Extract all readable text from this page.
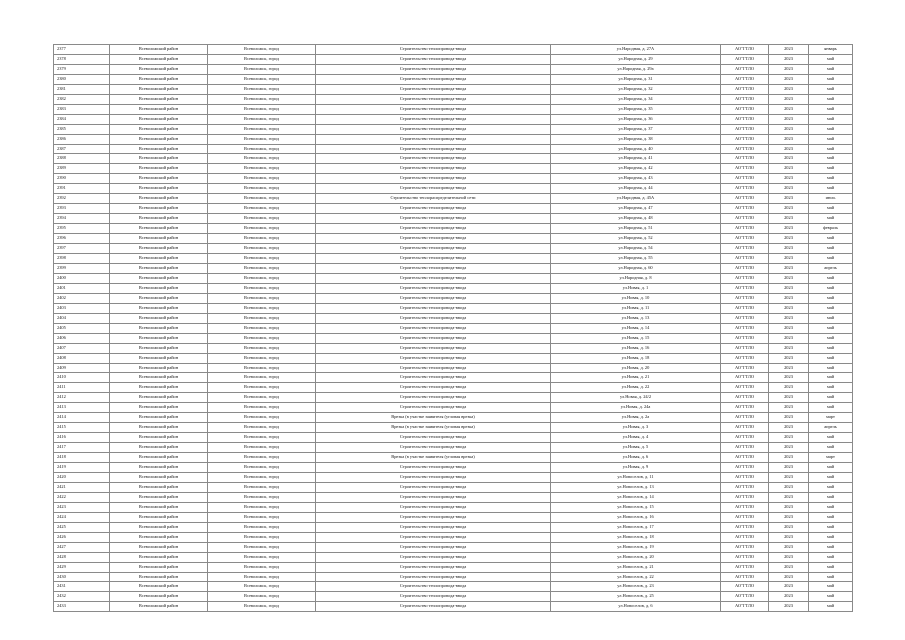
2377	Всеволожский район	Всеволожск, город	Строительство теплопровода-ввода	ул.Народная, д. 27А	АО"ГТЛО	2023	январь
2378	Всеволожский район	Всеволожск, город	Строительство теплопровода-ввода	ул.Народная, д. 29	АО"ГТЛО	2023	май
2379	Всеволожский район	Всеволожск, город	Строительство теплопровода-ввода	ул.Народная, д. 29а	АО"ГТЛО	2023	май
2380	Всеволожский район	Всеволожск, город	Строительство теплопровода-ввода	ул.Народная, д. 31	АО"ГТЛО	2023	май
2381	Всеволожский район	Всеволожск, город	Строительство теплопровода-ввода	ул.Народная, д. 32	АО"ГТЛО	2023	май
2382	Всеволожский район	Всеволожск, город	Строительство теплопровода-ввода	ул.Народная, д. 34	АО"ГТЛО	2023	май
2383	Всеволожский район	Всеволожск, город	Строительство теплопровода-ввода	ул.Народная, д. 35	АО"ГТЛО	2023	май
2384	Всеволожский район	Всеволожск, город	Строительство теплопровода-ввода	ул.Народная, д. 36	АО"ГТЛО	2023	май
2385	Всеволожский район	Всеволожск, город	Строительство теплопровода-ввода	ул.Народная, д. 37	АО"ГТЛО	2023	май
2386	Всеволожский район	Всеволожск, город	Строительство теплопровода-ввода	ул.Народная, д. 38	АО"ГТЛО	2023	май
2387	Всеволожский район	Всеволожск, город	Строительство теплопровода-ввода	ул.Народная, д. 40	АО"ГТЛО	2023	май
2388	Всеволожский район	Всеволожск, город	Строительство теплопровода-ввода	ул.Народная, д. 41	АО"ГТЛО	2023	май
2389	Всеволожский район	Всеволожск, город	Строительство теплопровода-ввода	ул.Народная, д. 42	АО"ГТЛО	2023	май
2390	Всеволожский район	Всеволожск, город	Строительство теплопровода-ввода	ул.Народная, д. 43	АО"ГТЛО	2023	май
2391	Всеволожский район	Всеволожск, город	Строительство теплопровода-ввода	ул.Народная, д. 44	АО"ГТЛО	2023	май
2392	Всеволожский район	Всеволожск, город	Строительство теплораспределительной сети	ул.Народная, д. 45А	АО"ГТЛО	2023	июль
2393	Всеволожский район	Всеволожск, город	Строительство теплопровода-ввода	ул.Народная, д. 47	АО"ГТЛО	2023	май
2394	Всеволожский район	Всеволожск, город	Строительство теплопровода-ввода	ул.Народная, д. 48	АО"ГТЛО	2023	май
2395	Всеволожский район	Всеволожск, город	Строительство теплопровода-ввода	ул.Народная, д. 51	АО"ГТЛО	2023	февраль
2396	Всеволожский район	Всеволожск, город	Строительство теплопровода-ввода	ул.Народная, д. 52	АО"ГТЛО	2023	май
2397	Всеволожский район	Всеволожск, город	Строительство теплопровода-ввода	ул.Народная, д. 54	АО"ГТЛО	2023	май
2398	Всеволожский район	Всеволожск, город	Строительство теплопровода-ввода	ул.Народная, д. 55	АО"ГТЛО	2023	май
2399	Всеволожский район	Всеволожск, город	Строительство теплопровода-ввода	ул.Народная, д. 60	АО"ГТЛО	2023	апрель
2400	Всеволожский район	Всеволожск, город	Строительство теплопровода-ввода	ул.Народная, д. 8	АО"ГТЛО	2023	май
2401	Всеволожский район	Всеволожск, город	Строительство теплопровода-ввода	ул.Новая, д. 1	АО"ГТЛО	2023	май
2402	Всеволожский район	Всеволожск, город	Строительство теплопровода-ввода	ул.Новая, д. 10	АО"ГТЛО	2023	май
2403	Всеволожский район	Всеволожск, город	Строительство теплопровода-ввода	ул.Новая, д. 11	АО"ГТЛО	2023	май
2404	Всеволожский район	Всеволожск, город	Строительство теплопровода-ввода	ул.Новая, д. 13	АО"ГТЛО	2023	май
2405	Всеволожский район	Всеволожск, город	Строительство теплопровода-ввода	ул.Новая, д. 14	АО"ГТЛО	2023	май
2406	Всеволожский район	Всеволожск, город	Строительство теплопровода-ввода	ул.Новая, д. 15	АО"ГТЛО	2023	май
2407	Всеволожский район	Всеволожск, город	Строительство теплопровода-ввода	ул.Новая, д. 16	АО"ГТЛО	2023	май
2408	Всеволожский район	Всеволожск, город	Строительство теплопровода-ввода	ул.Новая, д. 18	АО"ГТЛО	2023	май
2409	Всеволожский район	Всеволожск, город	Строительство теплопровода-ввода	ул.Новая, д. 20	АО"ГТЛО	2023	май
2410	Всеволожский район	Всеволожск, город	Строительство теплопровода-ввода	ул.Новая, д. 21	АО"ГТЛО	2023	май
2411	Всеволожский район	Всеволожск, город	Строительство теплопровода-ввода	ул.Новая, д. 22	АО"ГТЛО	2023	май
2412	Всеволожский район	Всеволожск, город	Строительство теплопровода-ввода	ул.Новая, д. 24/2	АО"ГТЛО	2023	май
2413	Всеволожский район	Всеволожск, город	Строительство теплопровода-ввода	ул.Новая, д. 24а	АО"ГТЛО	2023	май
2414	Всеволожский район	Всеволожск, город	Врезка (в участке заявителя (угловая врезка)	ул.Новая, д. 2а	АО"ГТЛО	2023	март
2415	Всеволожский район	Всеволожск, город	Врезка (в участке заявителя (угловая врезка)	ул.Новая, д. 3	АО"ГТЛО	2023	апрель
2416	Всеволожский район	Всеволожск, город	Строительство теплопровода-ввода	ул.Новая, д. 4	АО"ГТЛО	2023	май
2417	Всеволожский район	Всеволожск, город	Строительство теплопровода-ввода	ул.Новая, д. 5	АО"ГТЛО	2023	май
2418	Всеволожский район	Всеволожск, город	Врезка (в участке заявителя (угловая врезка)	ул.Новая, д. 6	АО"ГТЛО	2023	март
2419	Всеволожский район	Всеволожск, город	Строительство теплопровода-ввода	ул.Новая, д. 9	АО"ГТЛО	2023	май
2420	Всеволожский район	Всеволожск, город	Строительство теплопровода-ввода	ул.Новоселов, д. 11	АО"ГТЛО	2023	май
2421	Всеволожский район	Всеволожск, город	Строительство теплопровода-ввода	ул.Новоселов, д. 13	АО"ГТЛО	2023	май
2422	Всеволожский район	Всеволожск, город	Строительство теплопровода-ввода	ул.Новоселов, д. 14	АО"ГТЛО	2023	май
2423	Всеволожский район	Всеволожск, город	Строительство теплопровода-ввода	ул.Новоселов, д. 15	АО"ГТЛО	2023	май
2424	Всеволожский район	Всеволожск, город	Строительство теплопровода-ввода	ул.Новоселов, д. 16	АО"ГТЛО	2023	май
2425	Всеволожский район	Всеволожск, город	Строительство теплопровода-ввода	ул.Новоселов, д. 17	АО"ГТЛО	2023	май
2426	Всеволожский район	Всеволожск, город	Строительство теплопровода-ввода	ул.Новоселов, д. 18	АО"ГТЛО	2023	май
2427	Всеволожский район	Всеволожск, город	Строительство теплопровода-ввода	ул.Новоселов, д. 19	АО"ГТЛО	2023	май
2428	Всеволожский район	Всеволожск, город	Строительство теплопровода-ввода	ул.Новоселов, д. 20	АО"ГТЛО	2023	май
2429	Всеволожский район	Всеволожск, город	Строительство теплопровода-ввода	ул.Новоселов, д. 21	АО"ГТЛО	2023	май
2430	Всеволожский район	Всеволожск, город	Строительство теплопровода-ввода	ул.Новоселов, д. 22	АО"ГТЛО	2023	май
2431	Всеволожский район	Всеволожск, город	Строительство теплопровода-ввода	ул.Новоселов, д. 23	АО"ГТЛО	2023	май
2432	Всеволожский район	Всеволожск, город	Строительство теплопровода-ввода	ул.Новоселов, д. 25	АО"ГТЛО	2023	май
2433	Всеволожский район	Всеволожск, город	Строительство теплопровода-ввода	ул.Новоселов, д. 6	АО"ГТЛО	2023	май
